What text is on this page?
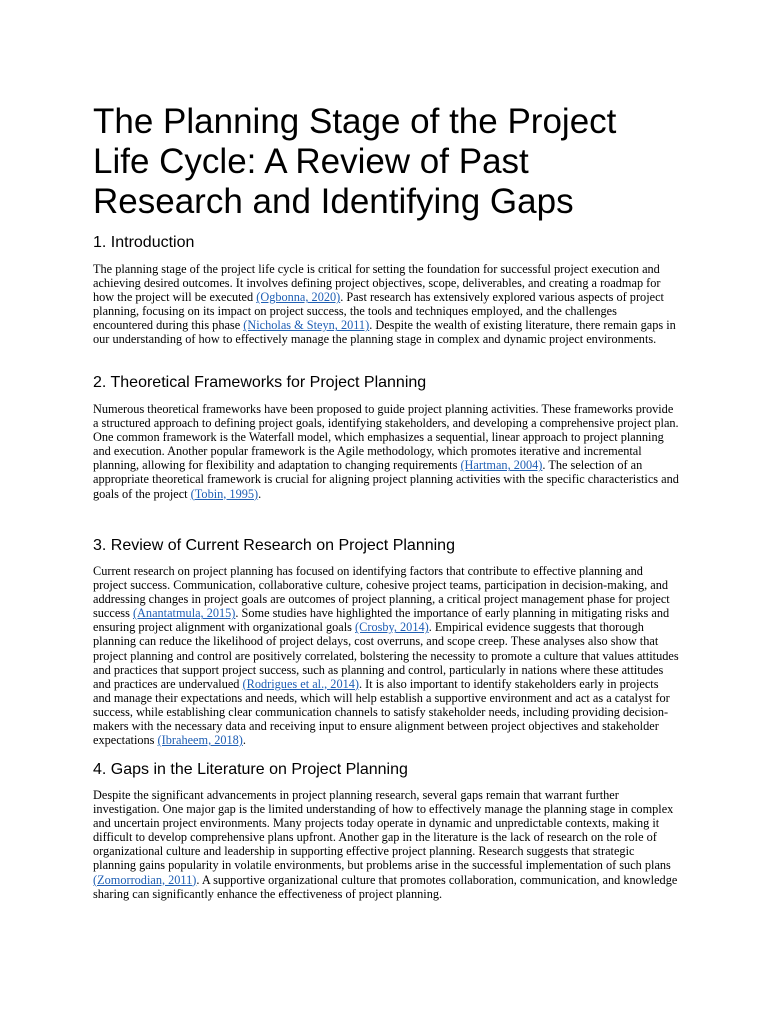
The Planning Stage of the Project Life Cycle: A Review of Past Research and Identifying Gaps
1. Introduction

The planning stage of the project life cycle is critical for setting the foundation for successful project execution and achieving desired outcomes. It involves defining project objectives, scope, deliverables, and creating a roadmap for how the project will be executed (Ogbonna, 2020). Past research has extensively explored various aspects of project planning, focusing on its impact on project success, the tools and techniques employed, and the challenges encountered during this phase (Nicholas & Steyn, 2011). Despite the wealth of existing literature, there remain gaps in our understanding of how to effectively manage the planning stage in complex and dynamic project environments.

2. Theoretical Frameworks for Project Planning

Numerous theoretical frameworks have been proposed to guide project planning activities. These frameworks provide a structured approach to defining project goals, identifying stakeholders, and developing a comprehensive project plan. One common framework is the Waterfall model, which emphasizes a sequential, linear approach to project planning and execution. Another popular framework is the Agile methodology, which promotes iterative and incremental planning, allowing for flexibility and adaptation to changing requirements (Hartman, 2004). The selection of an appropriate theoretical framework is crucial for aligning project planning activities with the specific characteristics and goals of the project (Tobin, 1995).

3. Review of Current Research on Project Planning

Current research on project planning has focused on identifying factors that contribute to effective planning and project success. Communication, collaborative culture, cohesive project teams, participation in decision-making, and addressing changes in project goals are outcomes of project planning, a critical project management phase for project success (Anantatmula, 2015). Some studies have highlighted the importance of early planning in mitigating risks and ensuring project alignment with organizational goals (Crosby, 2014). Empirical evidence suggests that thorough planning can reduce the likelihood of project delays, cost overruns, and scope creep. These analyses also show that project planning and control are positively correlated, bolstering the necessity to promote a culture that values attitudes and practices that support project success, such as planning and control, particularly in nations where these attitudes and practices are undervalued (Rodrigues et al., 2014). It is also important to identify stakeholders early in projects and manage their expectations and needs, which will help establish a supportive environment and act as a catalyst for success, while establishing clear communication channels to satisfy stakeholder needs, including providing decision-makers with the necessary data and receiving input to ensure alignment between project objectives and stakeholder expectations (Ibraheem, 2018).

4. Gaps in the Literature on Project Planning

Despite the significant advancements in project planning research, several gaps remain that warrant further investigation. One major gap is the limited understanding of how to effectively manage the planning stage in complex and uncertain project environments. Many projects today operate in dynamic and unpredictable contexts, making it difficult to develop comprehensive plans upfront. Another gap in the literature is the lack of research on the role of organizational culture and leadership in supporting effective project planning. Research suggests that strategic planning gains popularity in volatile environments, but problems arise in the successful implementation of such plans (Zomorrodian, 2011). A supportive organizational culture that promotes collaboration, communication, and knowledge sharing can significantly enhance the effectiveness of project planning.
